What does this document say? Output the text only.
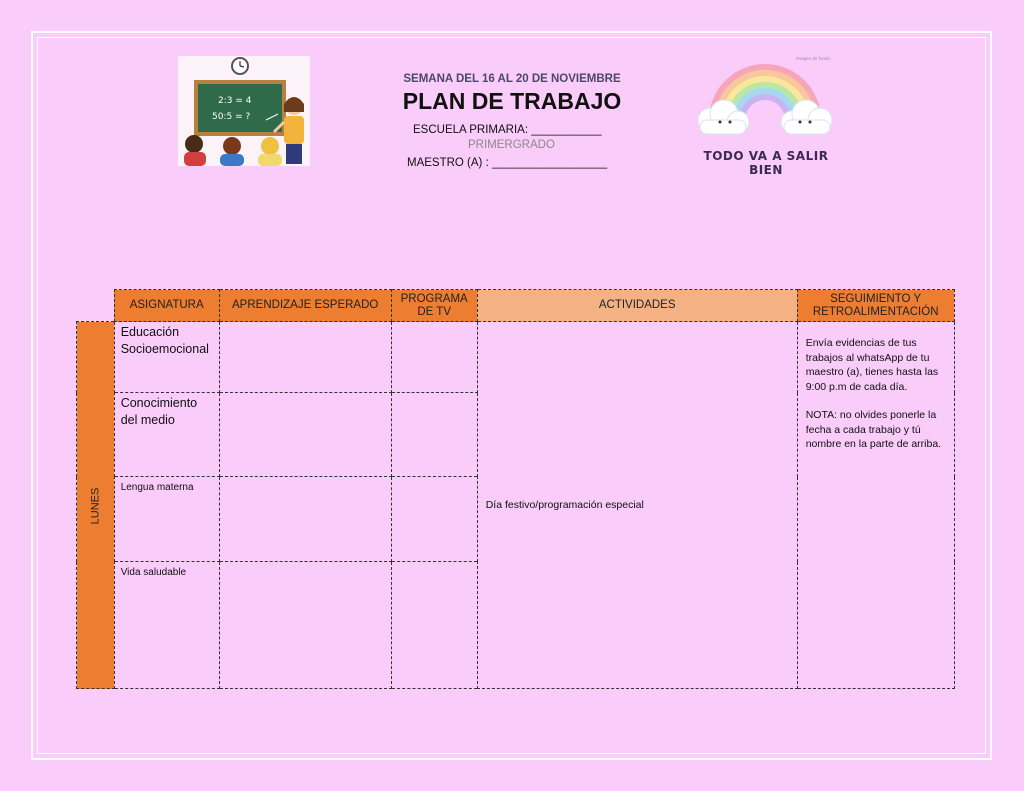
2:3 = 4
50:5 = ?
imagen de fondo
TODO VA A SALIR BIEN
SEMANA DEL 16 AL 20 DE NOVIEMBRE
PLAN DE TRABAJO
ESCUELA PRIMARIA: ___________
PRIMERGRADO
MAESTRO (A) : __________________
	ASIGNATURA	APRENDIZAJE ESPERADO	PROGRAMA DE TV	ACTIVIDADES	SEGUIMIENTO Y RETROALIMENTACIÓN
LUNES	Educación Socioemocional			Día festivo/programación especial	Envía evidencias de tus trabajos al whatsApp de tu maestro (a), tienes hasta las 9:00 p.m de cada día.

NOTA: no olvides ponerle la fecha a cada trabajo y tú nombre en la parte de arriba.

	Conocimiento del medio				
	Lengua materna				
	Vida saludable				
